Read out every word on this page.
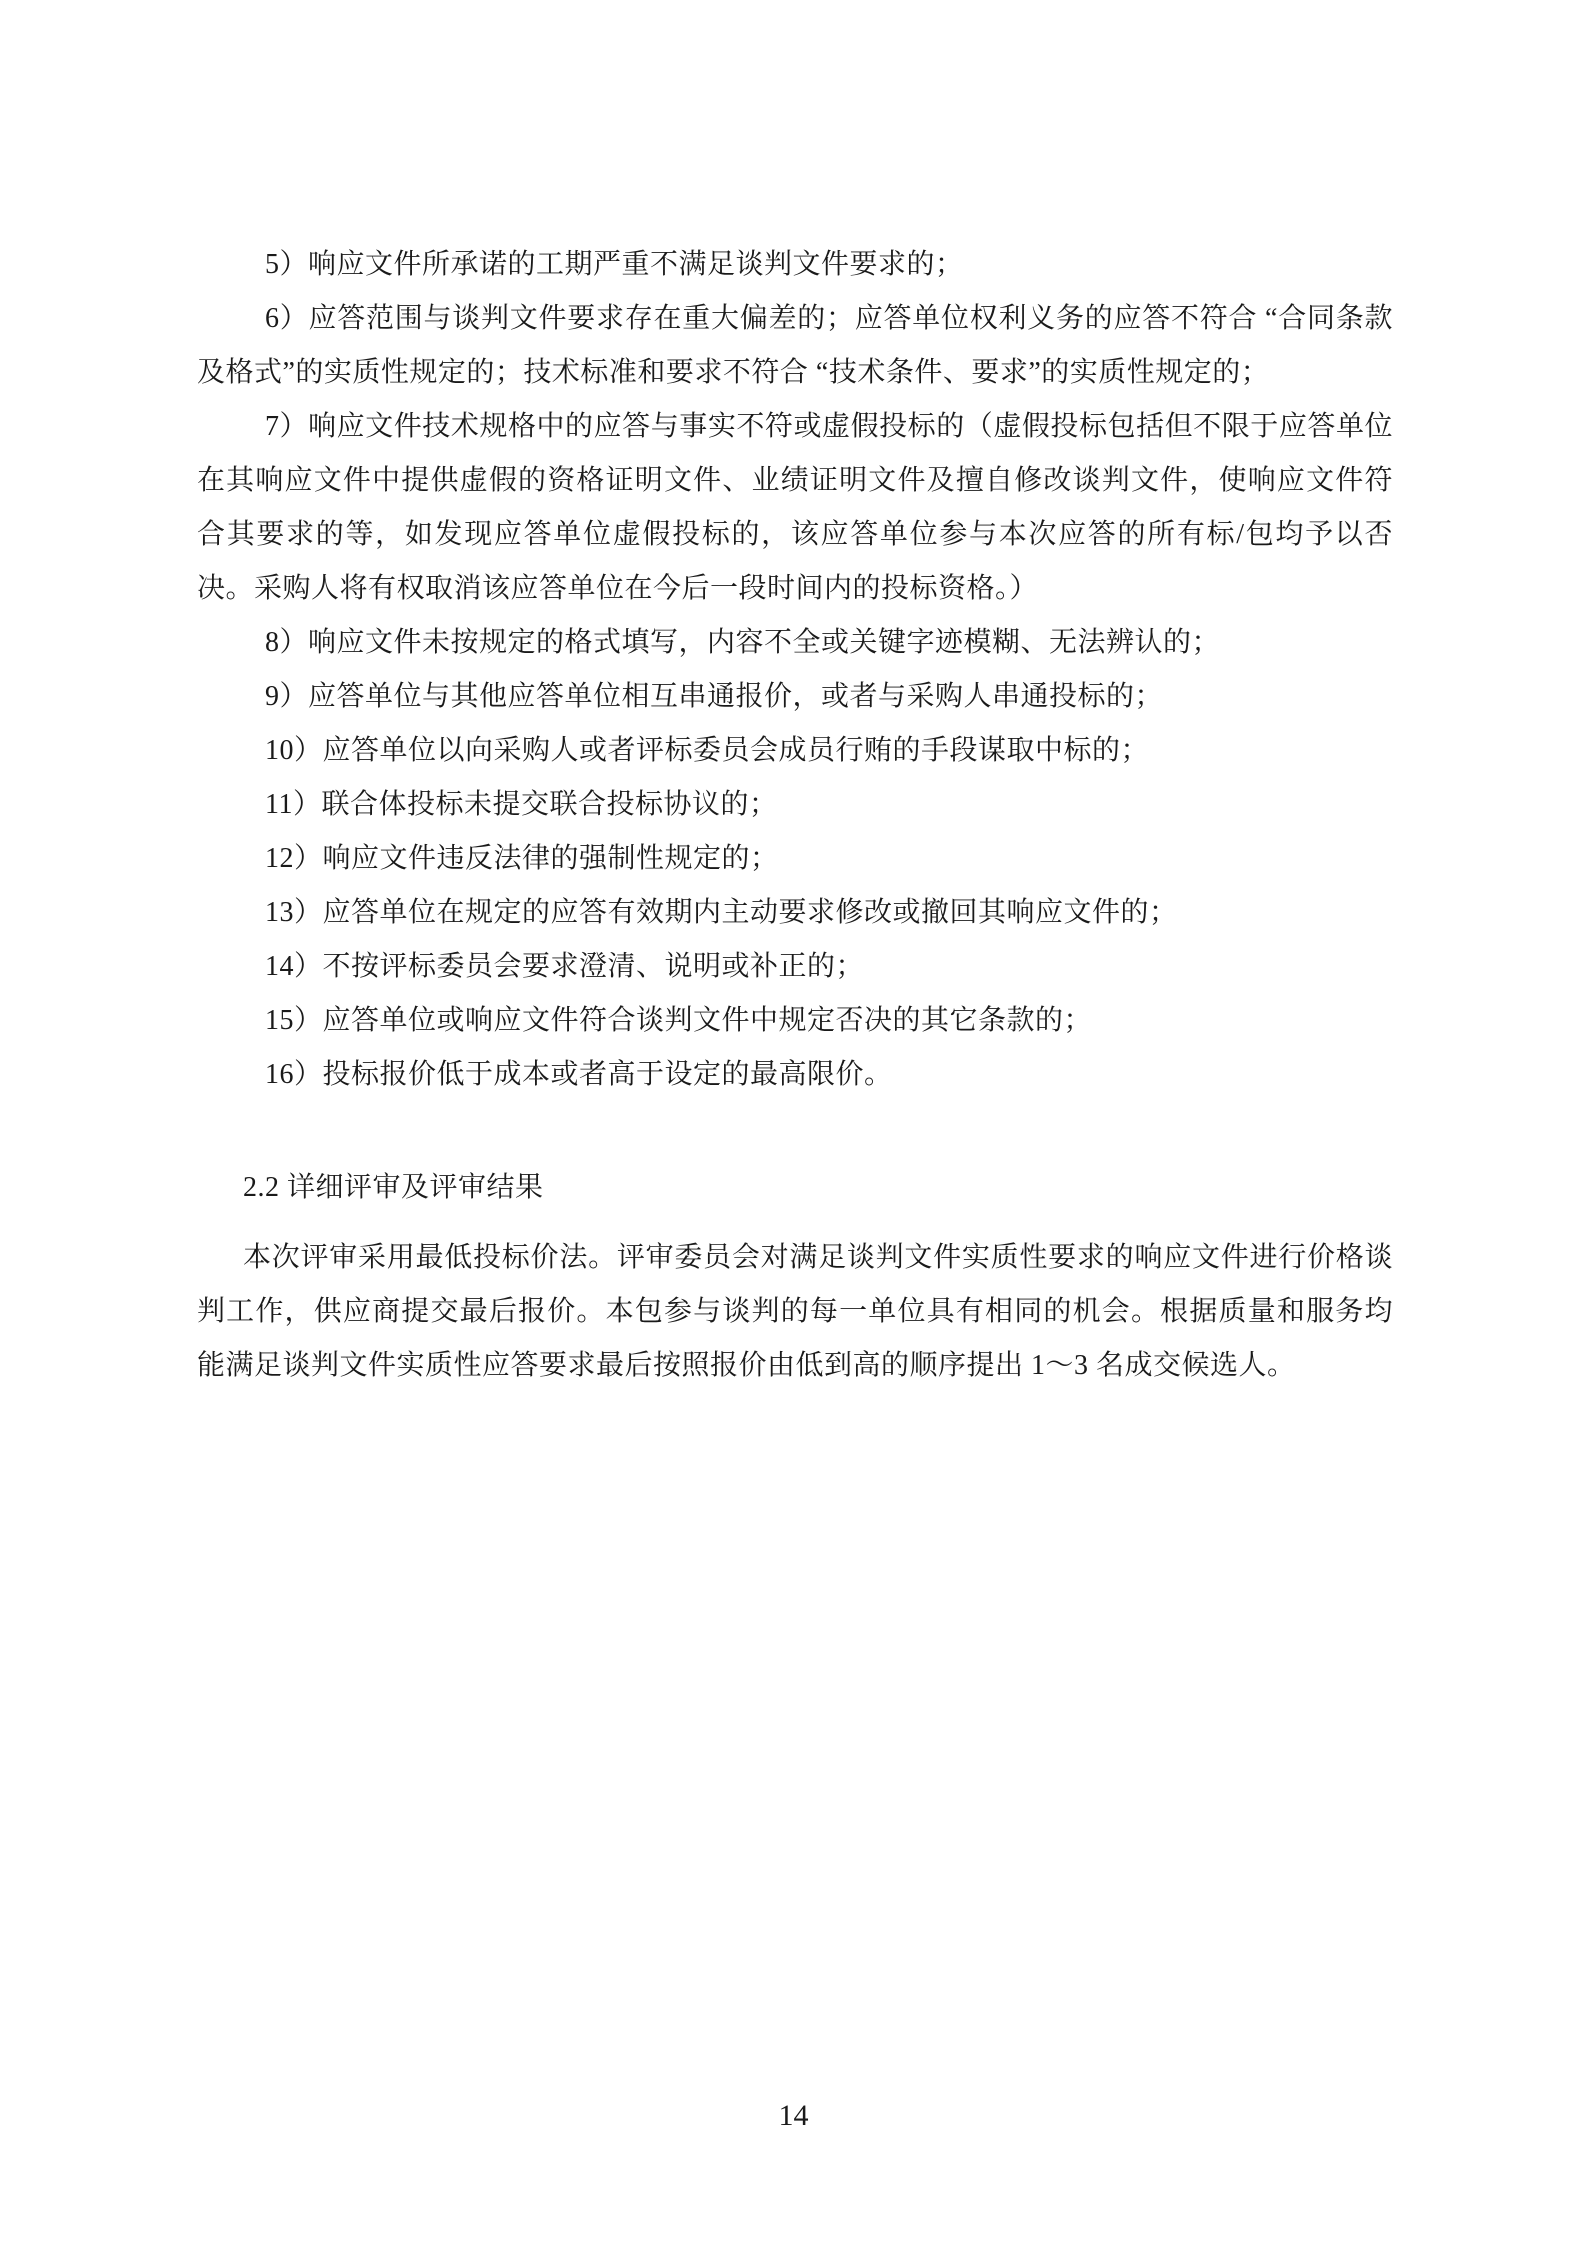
5）响应文件所承诺的工期严重不满足谈判文件要求的；

6）应答范围与谈判文件要求存在重大偏差的；应答单位权利义务的应答不符合 “合同条款及格式”的实质性规定的；技术标准和要求不符合 “技术条件、要求”的实质性规定的；

7）响应文件技术规格中的应答与事实不符或虚假投标的（虚假投标包括但不限于应答单位在其响应文件中提供虚假的资格证明文件、业绩证明文件及擅自修改谈判文件，使响应文件符合其要求的等，如发现应答单位虚假投标的，该应答单位参与本次应答的所有标/包均予以否决。采购人将有权取消该应答单位在今后一段时间内的投标资格。）

8）响应文件未按规定的格式填写，内容不全或关键字迹模糊、无法辨认的；

9）应答单位与其他应答单位相互串通报价，或者与采购人串通投标的；

10）应答单位以向采购人或者评标委员会成员行贿的手段谋取中标的；

11）联合体投标未提交联合投标协议的；

12）响应文件违反法律的强制性规定的；

13）应答单位在规定的应答有效期内主动要求修改或撤回其响应文件的；

14）不按评标委员会要求澄清、说明或补正的；

15）应答单位或响应文件符合谈判文件中规定否决的其它条款的；

16）投标报价低于成本或者高于设定的最高限价。

2.2 详细评审及评审结果

本次评审采用最低投标价法。评审委员会对满足谈判文件实质性要求的响应文件进行价格谈判工作，供应商提交最后报价。本包参与谈判的每一单位具有相同的机会。根据质量和服务均能满足谈判文件实质性应答要求最后按照报价由低到高的顺序提出 1～3 名成交候选人。

14
